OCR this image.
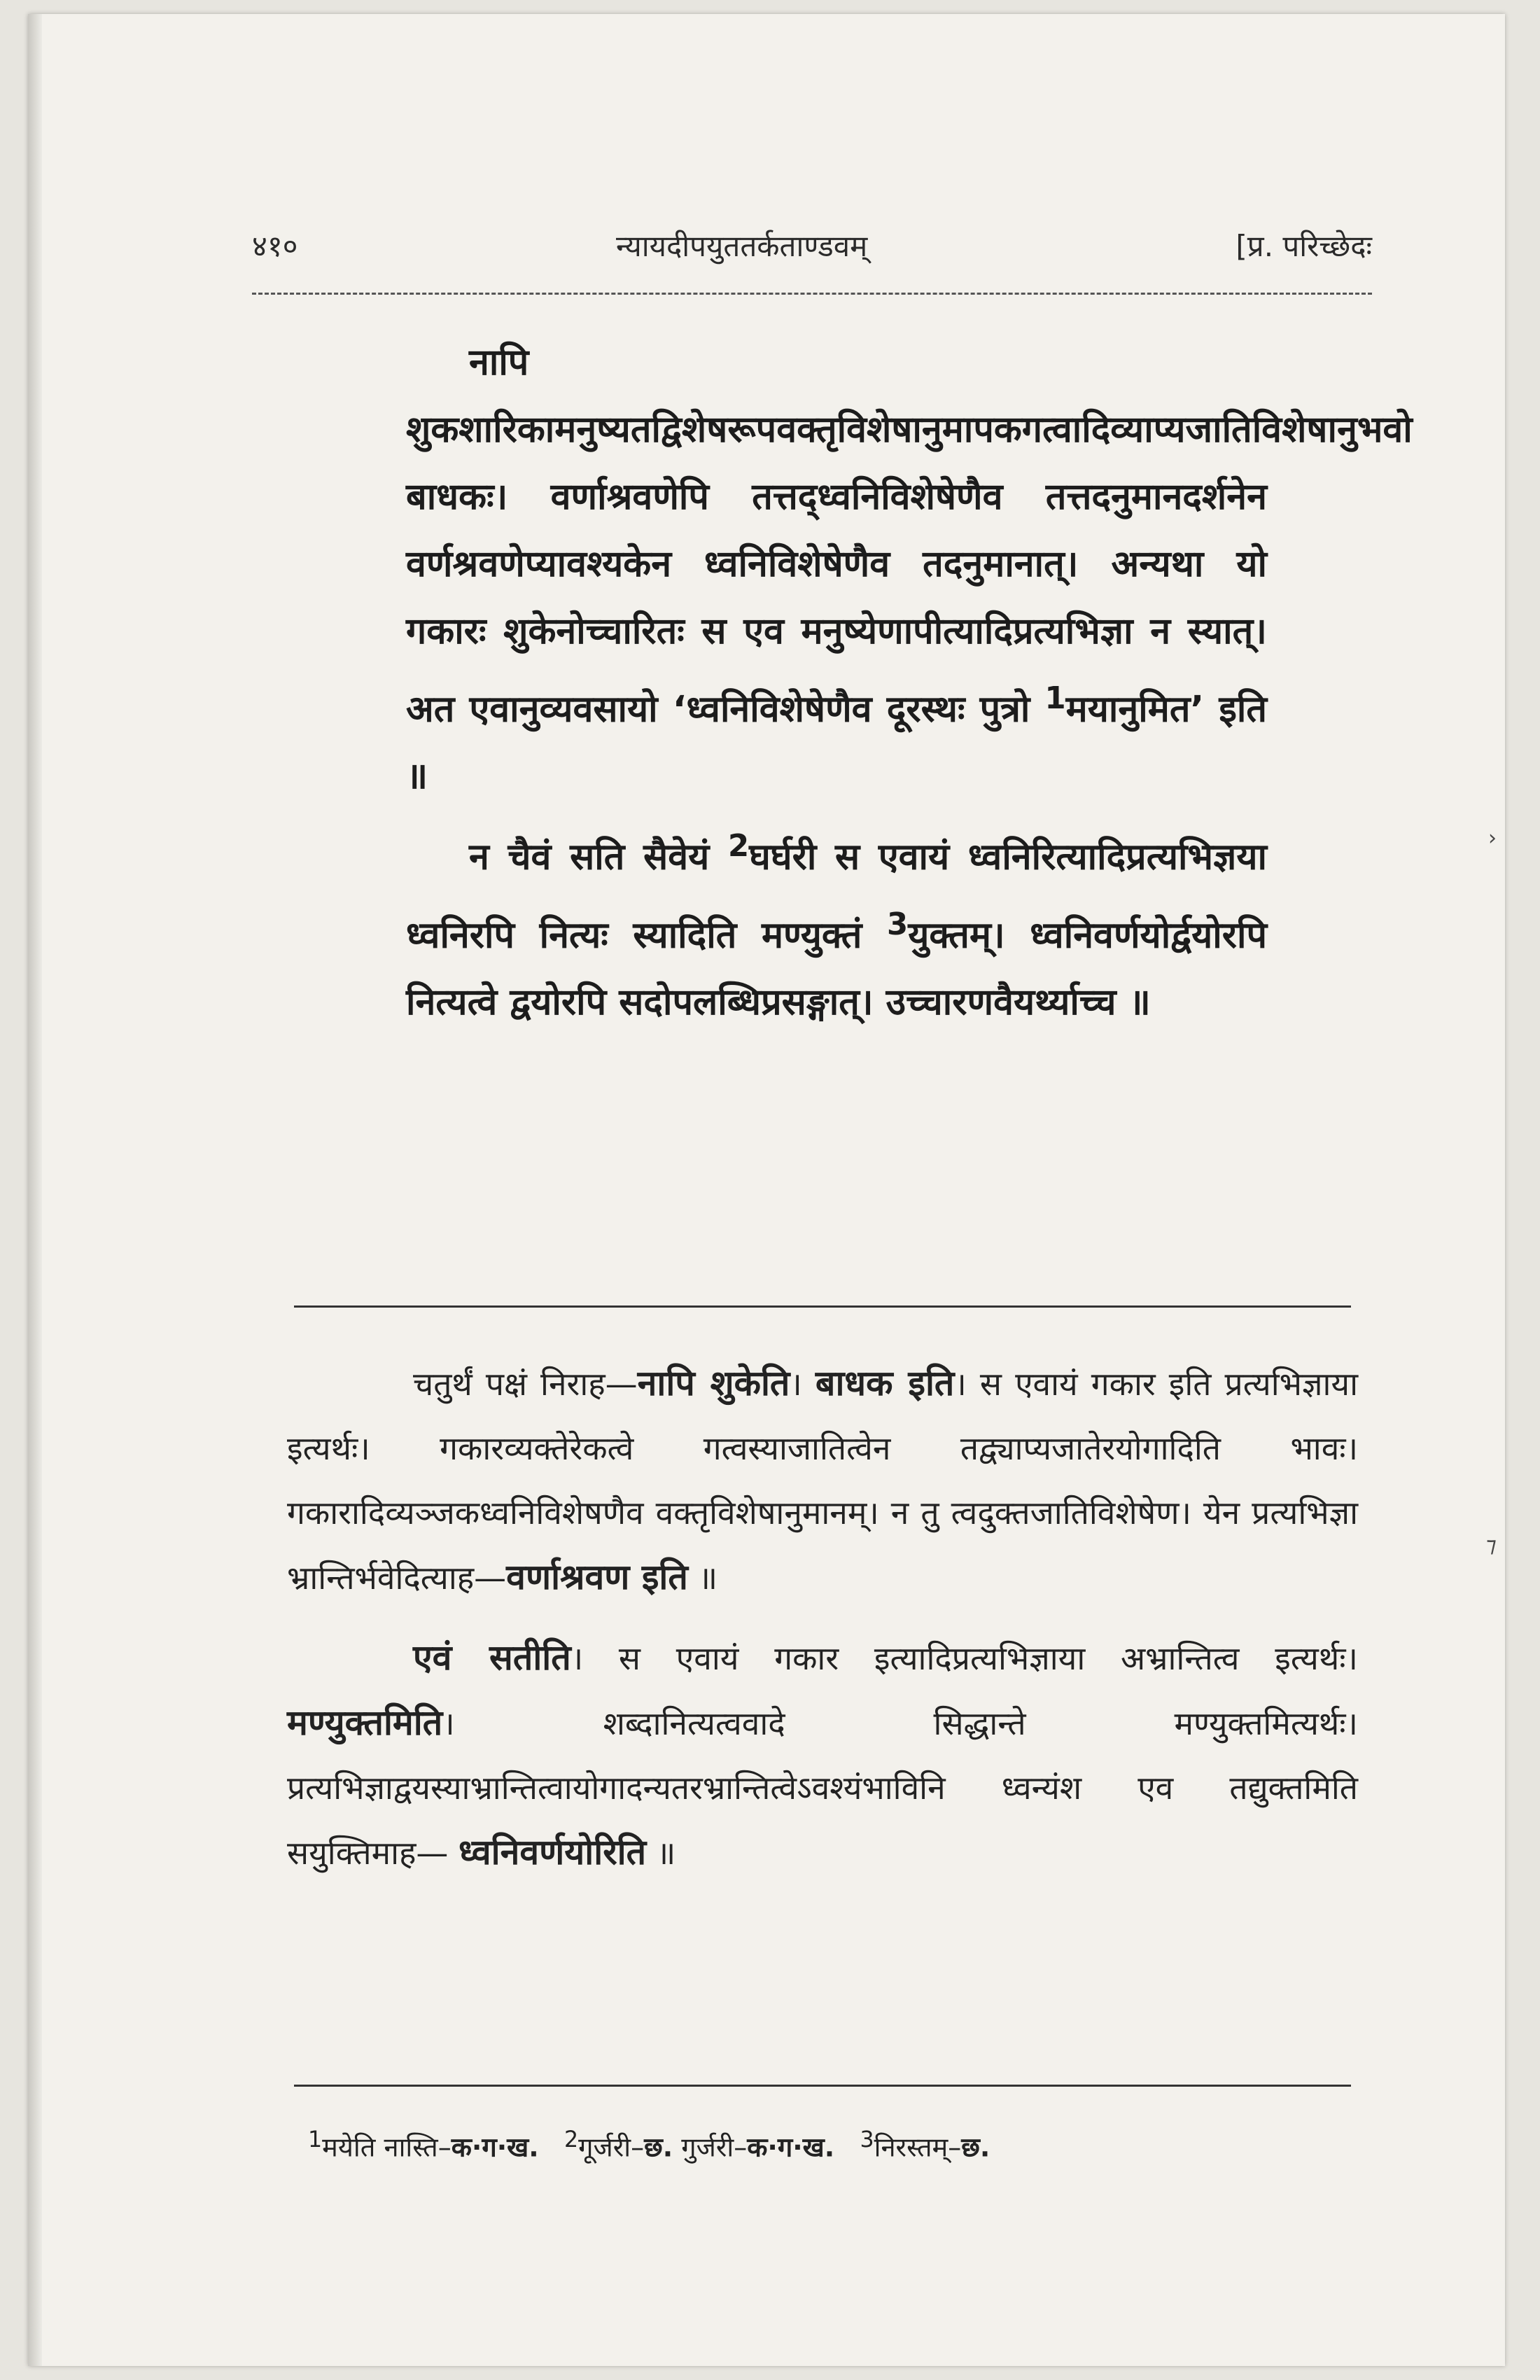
४१०	न्यायदीपयुततर्कताण्डवम्	[प्र. परिच्छेदः

नापि शुकशारिकामनुष्यतद्विशेषरूपवक्तृविशेषानुमापकगत्वादिव्याप्यजातिविशेषानुभवो बाधकः। वर्णाश्रवणेपि तत्तद्ध्वनिविशेषेणैव तत्तदनुमानदर्शनेन वर्णश्रवणेप्यावश्यकेन ध्वनिविशेषेणैव तदनुमानात्। अन्यथा यो गकारः शुकेनोच्चारितः स एव मनुष्येणापीत्यादिप्रत्यभिज्ञा न स्यात्। अत एवानुव्यवसायो ‘ध्वनिविशेषेणैव दूरस्थः पुत्रो $^1$मयानुमित’ इति ॥

न चैवं सति सैवेयं $^2$घर्घरी स एवायं ध्वनिरित्यादिप्रत्यभिज्ञया ध्वनिरपि नित्यः स्यादिति मण्युक्तं $^3$युक्तम्। ध्वनिवर्णयोर्द्वयोरपि नित्यत्वे द्वयोरपि सदोपलब्धिप्रसङ्गात्। उच्चारणवैयर्थ्याच्च ॥

चतुर्थं पक्षं निराह—नापि शुकेति। बाधक इति। स एवायं गकार इति प्रत्यभिज्ञाया इत्यर्थः। गकारव्यक्तेरेकत्वे गत्वस्याजातित्वेन तद्व्याप्यजातेरयोगादिति भावः। गकारादिव्यञ्जकध्वनिविशेषणैव वक्तृविशेषानुमानम्। न तु त्वदुक्तजातिविशेषेण। येन प्रत्यभिज्ञा भ्रान्तिर्भवेदित्याह—वर्णाश्रवण इति ॥

एवं सतीति। स एवायं गकार इत्यादिप्रत्यभिज्ञाया अभ्रान्तित्व इत्यर्थः। मण्युक्तमिति। शब्दानित्यत्ववादे सिद्धान्ते मण्युक्तमित्यर्थः। प्रत्यभिज्ञाद्वयस्याभ्रान्तित्वायोगादन्यतरभ्रान्तित्वेऽवश्यंभाविनि ध्वन्यंश एव तद्युक्तमिति सयुक्तिमाह— ध्वनिवर्णयोरिति ॥

$^1$मयेति नास्ति–क·ग·ख. $^2$गूर्जरी–छ. गुर्जरी–क·ग·ख. $^3$निरस्तम्–छ.
›
⁊
